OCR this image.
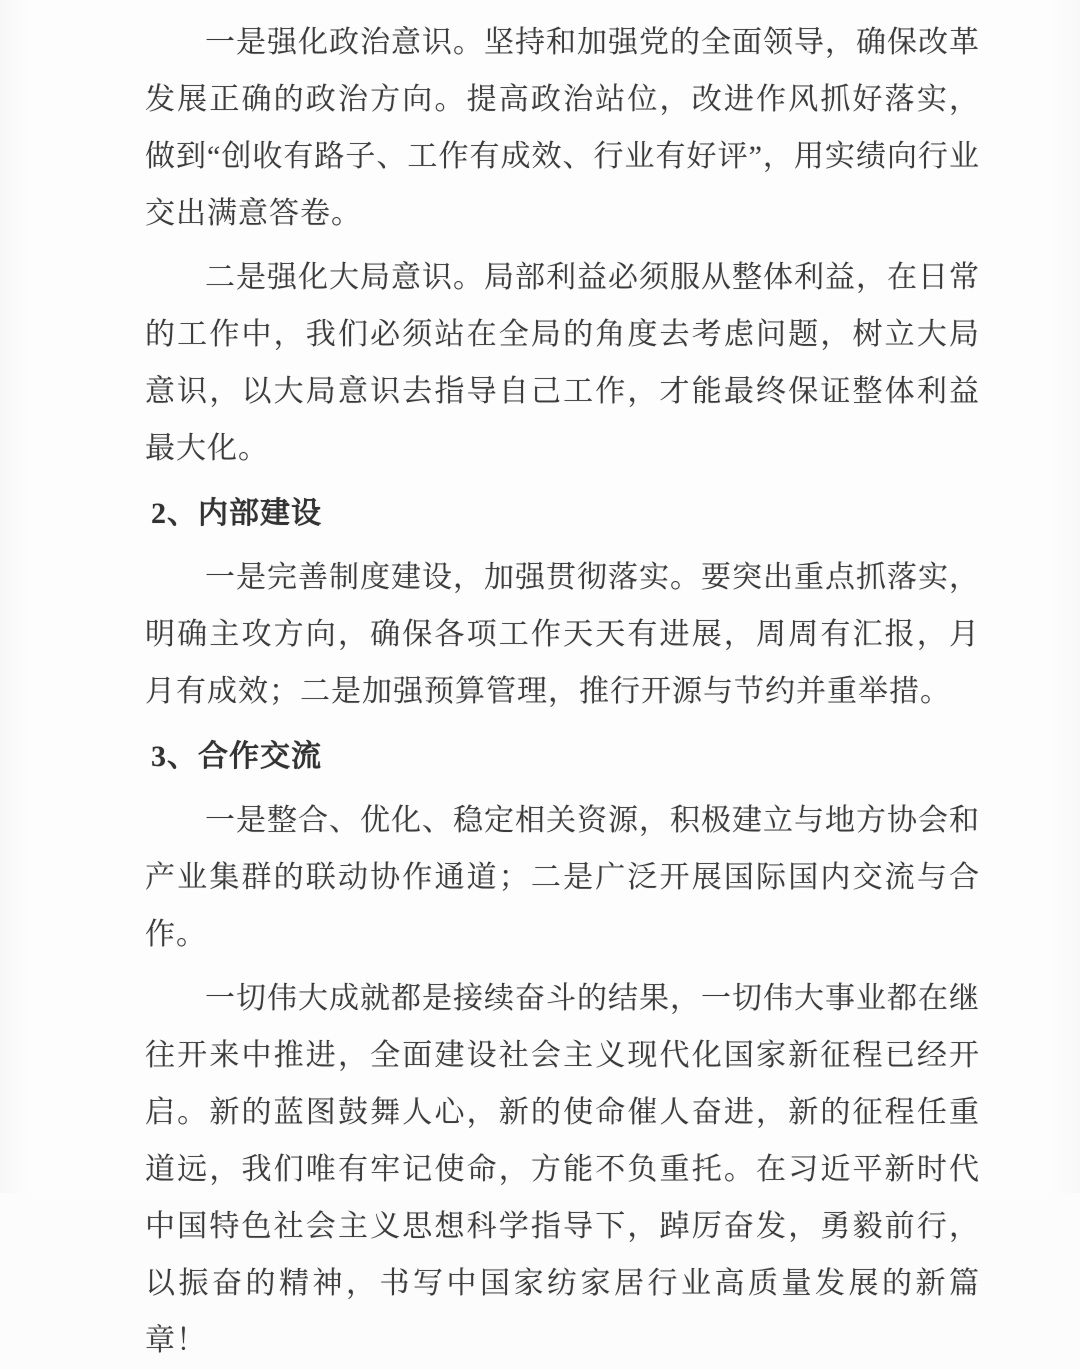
一是强化政治意识。坚持和加强党的全面领导，确保改革发展正确的政治方向。提高政治站位，改进作风抓好落实，做到“创收有路子、工作有成效、行业有好评”，用实绩向行业交出满意答卷。

二是强化大局意识。局部利益必须服从整体利益，在日常的工作中，我们必须站在全局的角度去考虑问题，树立大局意识，以大局意识去指导自己工作，才能最终保证整体利益最大化。

2、内部建设

一是完善制度建设，加强贯彻落实。要突出重点抓落实，明确主攻方向，确保各项工作天天有进展，周周有汇报，月月有成效；二是加强预算管理，推行开源与节约并重举措。

3、合作交流

一是整合、优化、稳定相关资源，积极建立与地方协会和产业集群的联动协作通道；二是广泛开展国际国内交流与合作。

一切伟大成就都是接续奋斗的结果，一切伟大事业都在继往开来中推进，全面建设社会主义现代化国家新征程已经开启。新的蓝图鼓舞人心，新的使命催人奋进，新的征程任重道远，我们唯有牢记使命，方能不负重托。在习近平新时代中国特色社会主义思想科学指导下，踔厉奋发，勇毅前行，以振奋的精神，书写中国家纺家居行业高质量发展的新篇章！
